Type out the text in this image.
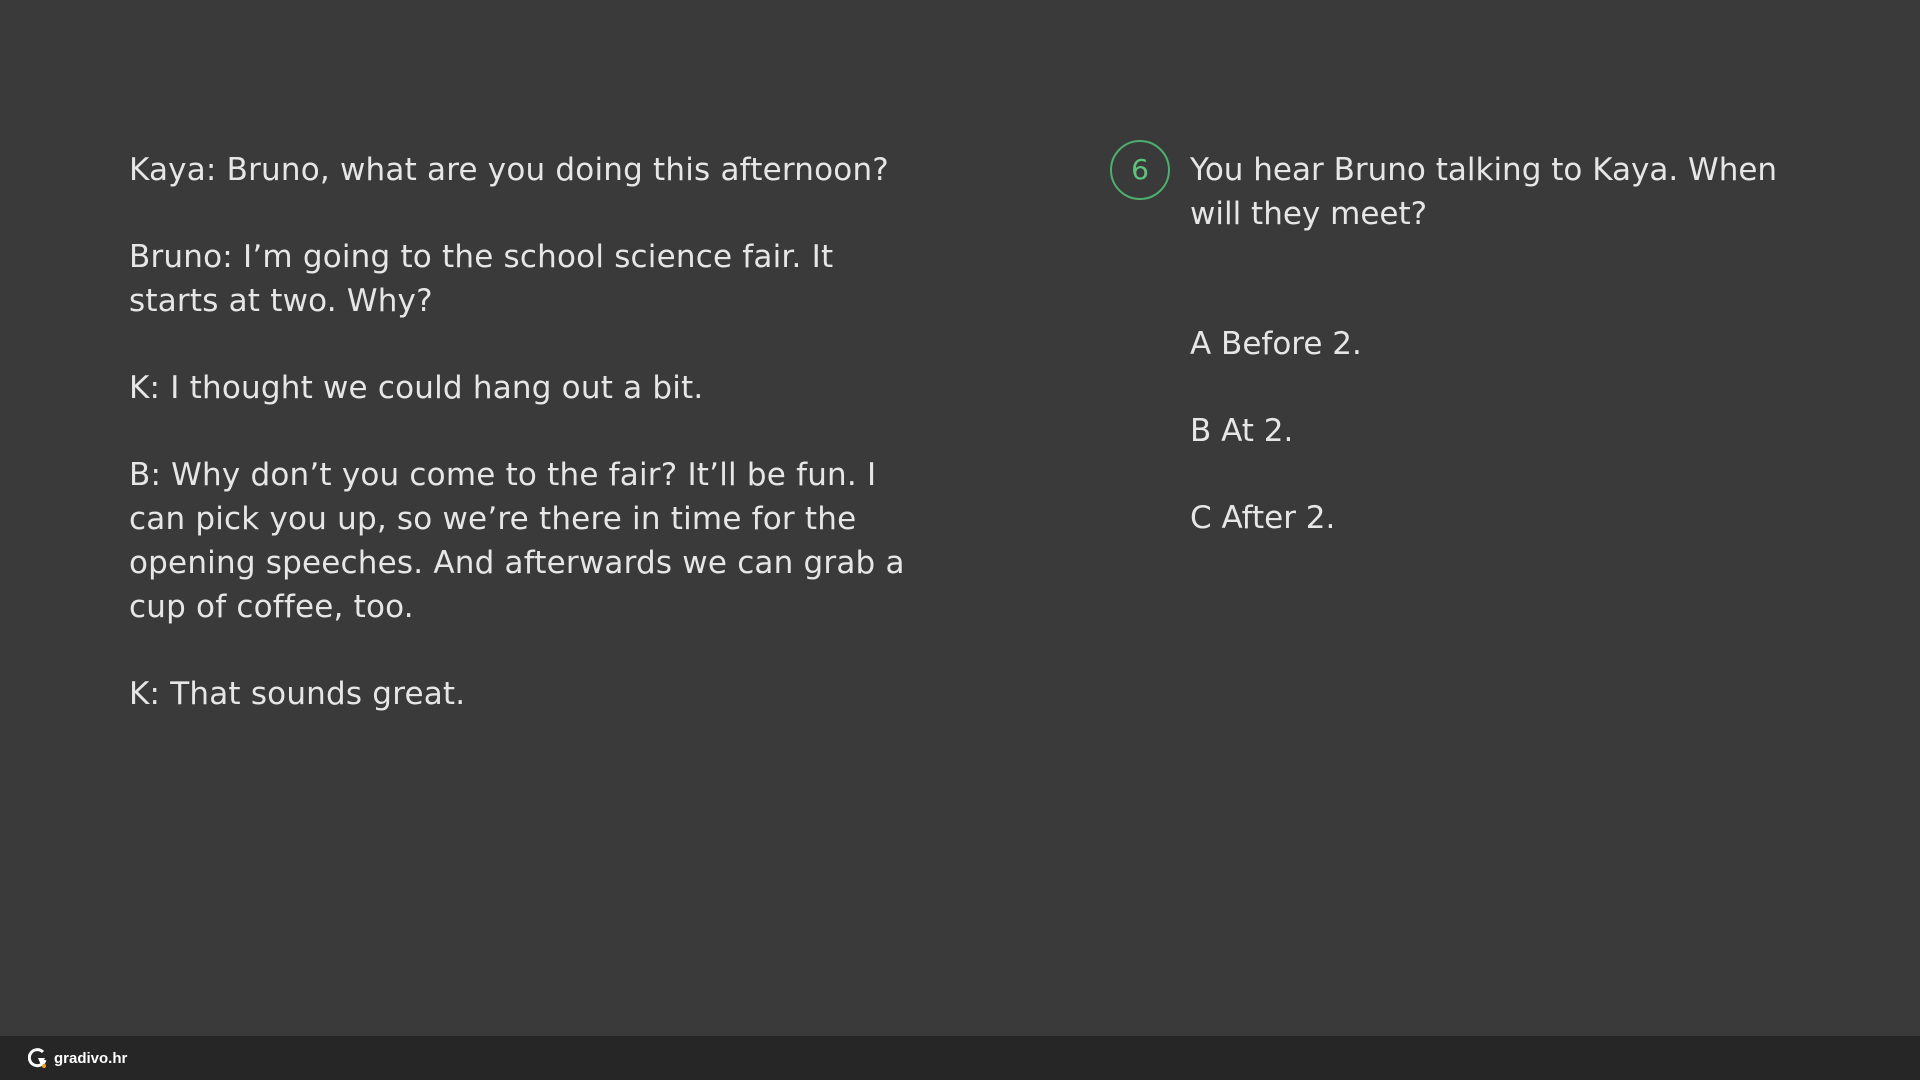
Kaya: Bruno, what are you doing this afternoon?
Bruno: I’m going to the school science fair. It starts at two. Why?
K: I thought we could hang out a bit.
B: Why don’t you come to the fair? It’ll be fun. I can pick you up, so we’re there in time for the opening speeches. And afterwards we can grab a cup of coffee, too.
K: That sounds great.
6	You hear Bruno talking to Kaya. When will they meet?
A Before 2.
B At 2.
C After 2.
gradivo.hr
